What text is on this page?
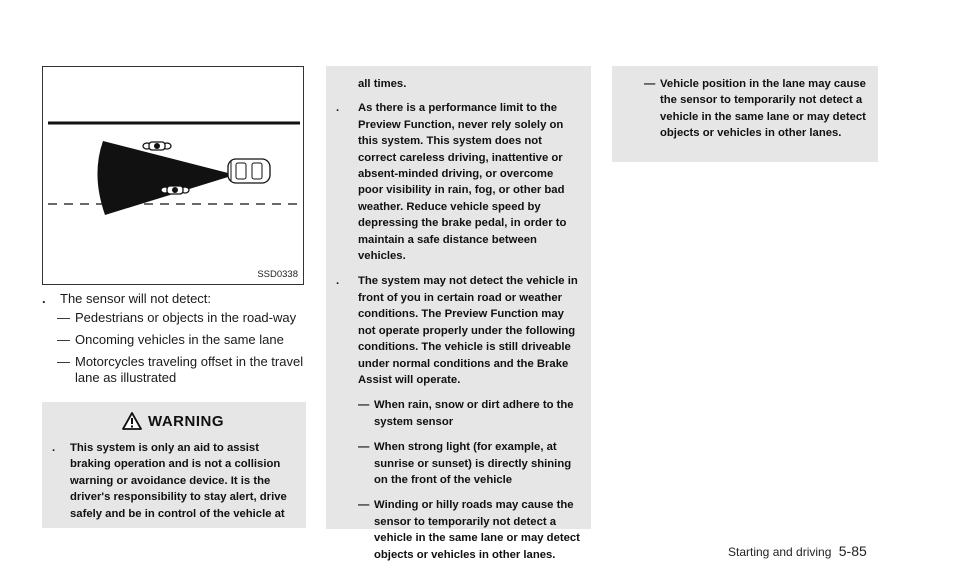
SSD0338
. The sensor will not detect:
— Pedestrians or objects in the road-way
— Oncoming vehicles in the same lane
— Motorcycles traveling offset in the travel lane as illustrated
WARNING
. This system is only an aid to assist braking operation and is not a collision warning or avoidance device. It is the driver's responsibility to stay alert, drive safely and be in control of the vehicle at
all times.
. As there is a performance limit to the Preview Function, never rely solely on this system. This system does not correct careless driving, inattentive or absent-minded driving, or overcome poor visibility in rain, fog, or other bad weather. Reduce vehicle speed by depressing the brake pedal, in order to maintain a safe distance between vehicles.
. The system may not detect the vehicle in front of you in certain road or weather conditions. The Preview Function may not operate properly under the following conditions. The vehicle is still driveable under normal conditions and the Brake Assist will operate.
— When rain, snow or dirt adhere to the system sensor
— When strong light (for example, at sunrise or sunset) is directly shining on the front of the vehicle
— Winding or hilly roads may cause the sensor to temporarily not detect a vehicle in the same lane or may detect objects or vehicles in other lanes.
— Vehicle position in the lane may cause the sensor to temporarily not detect a vehicle in the same lane or may detect objects or vehicles in other lanes.
Starting and driving 5-85
